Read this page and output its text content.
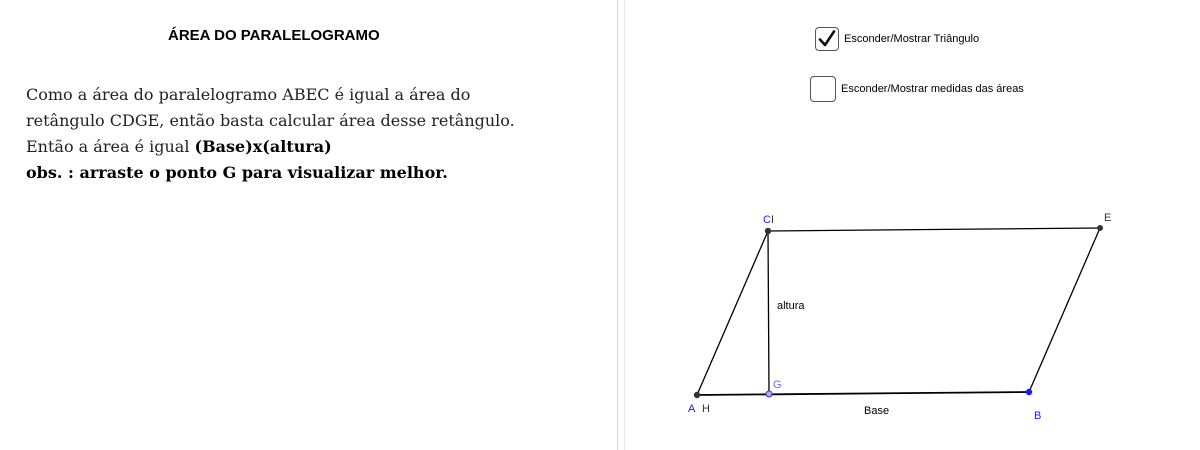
ÁREA DO PARALELOGRAMO
Como a área do paralelogramo ABEC é igual a área do
retângulo CDGE, então basta calcular área desse retângulo.
Então a área é igual (Base)x(altura)
obs. : arraste o ponto G para visualizar melhor.
Esconder/Mostrar Triângulo
Esconder/Mostrar medidas das áreas
A H
B
C I	E
G
altura
Base
